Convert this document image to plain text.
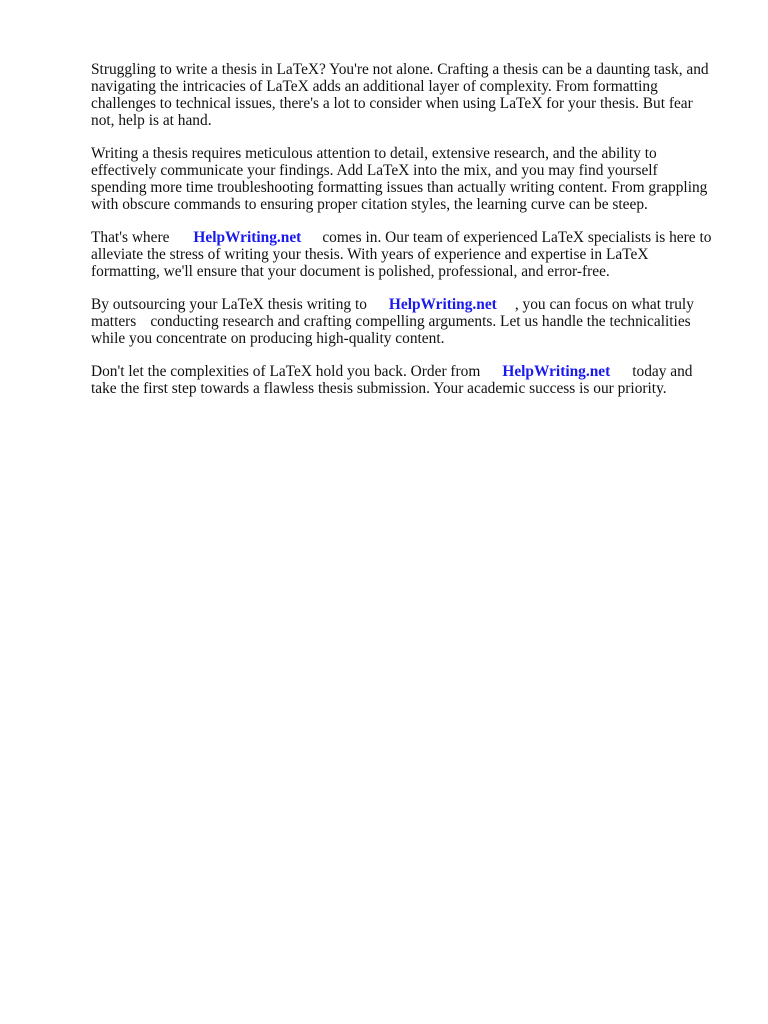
Struggling to write a thesis in LaTeX? You're not alone. Crafting a thesis can be a daunting task, and
navigating the intricacies of LaTeX adds an additional layer of complexity. From formatting
challenges to technical issues, there's a lot to consider when using LaTeX for your thesis. But fear
not, help is at hand.

Writing a thesis requires meticulous attention to detail, extensive research, and the ability to
effectively communicate your findings. Add LaTeX into the mix, and you may find yourself
spending more time troubleshooting formatting issues than actually writing content. From grappling
with obscure commands to ensuring proper citation styles, the learning curve can be steep.

That's where HelpWriting.net comes in. Our team of experienced LaTeX specialists is here to
alleviate the stress of writing your thesis. With years of experience and expertise in LaTeX
formatting, we'll ensure that your document is polished, professional, and error-free.

By outsourcing your LaTeX thesis writing to HelpWriting.net , you can focus on what truly
matters conducting research and crafting compelling arguments. Let us handle the technicalities
while you concentrate on producing high-quality content.

Don't let the complexities of LaTeX hold you back. Order from HelpWriting.net today and
take the first step towards a flawless thesis submission. Your academic success is our priority.
